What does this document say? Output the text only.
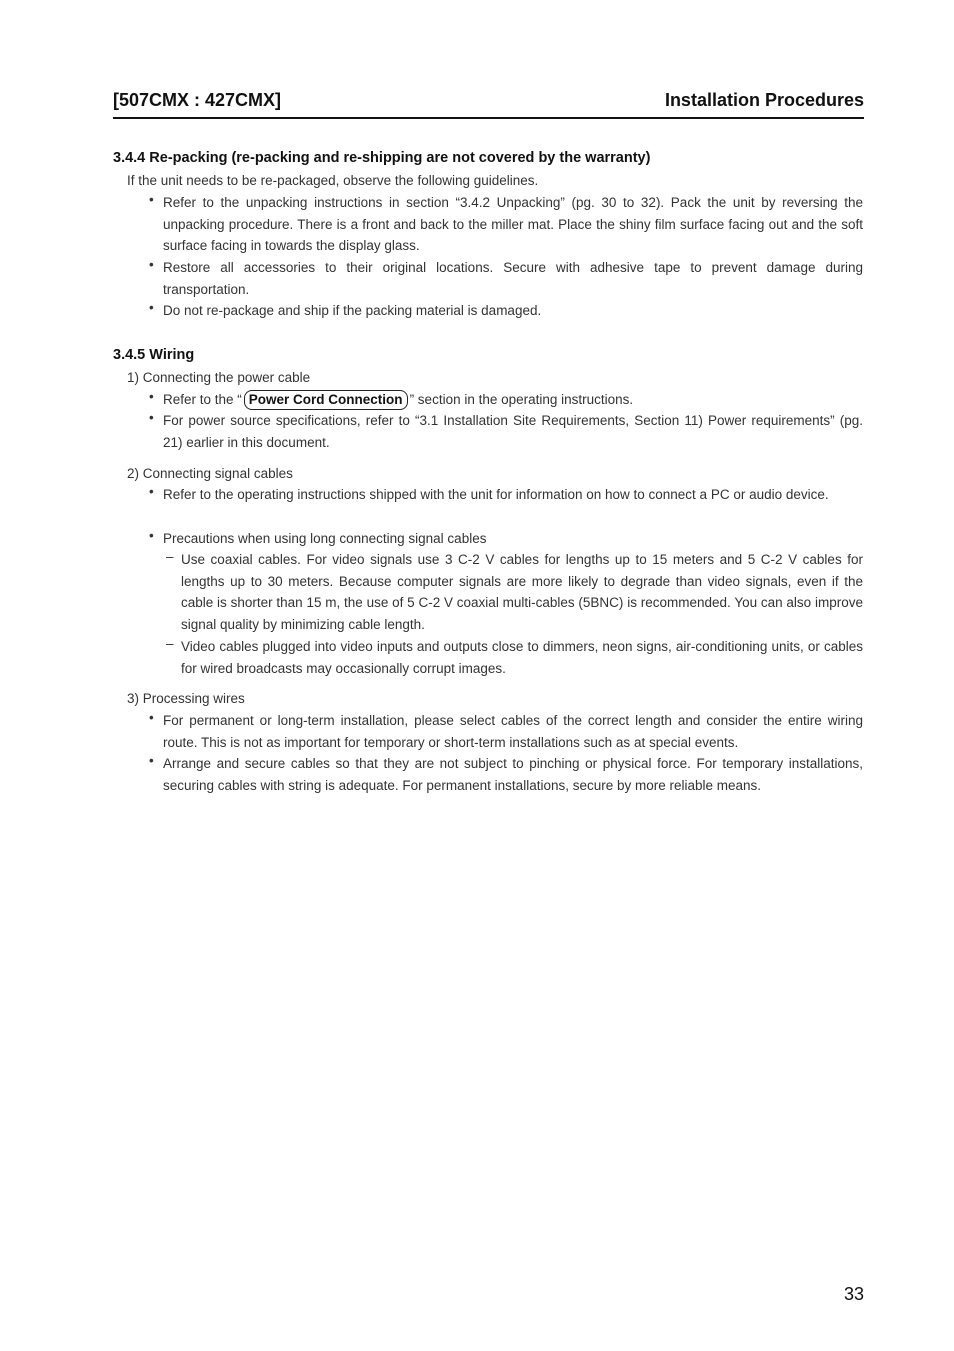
[507CMX : 427CMX]	Installation Procedures
3.4.4 Re-packing (re-packing and re-shipping are not covered by the warranty)
If the unit needs to be re-packaged, observe the following guidelines.
• Refer to the unpacking instructions in section “3.4.2 Unpacking” (pg. 30 to 32). Pack the unit by reversing the unpacking procedure. There is a front and back to the miller mat. Place the shiny film surface facing out and the soft surface facing in towards the display glass.
• Restore all accessories to their original locations. Secure with adhesive tape to prevent damage during transportation.
• Do not re-package and ship if the packing material is damaged.
3.4.5 Wiring
1) Connecting the power cable
• Refer to the “ Power Cord Connection ” section in the operating instructions.
• For power source specifications, refer to “3.1 Installation Site Requirements, Section 11) Power requirements” (pg. 21) earlier in this document.
2) Connecting signal cables
• Refer to the operating instructions shipped with the unit for information on how to connect a PC or audio device.
• Precautions when using long connecting signal cables
– Use coaxial cables. For video signals use 3 C-2 V cables for lengths up to 15 meters and 5 C-2 V cables for lengths up to 30 meters. Because computer signals are more likely to degrade than video signals, even if the cable is shorter than 15 m, the use of 5 C-2 V coaxial multi-cables (5BNC) is recommended. You can also improve signal quality by minimizing cable length.
– Video cables plugged into video inputs and outputs close to dimmers, neon signs, air-conditioning units, or cables for wired broadcasts may occasionally corrupt images.
3) Processing wires
• For permanent or long-term installation, please select cables of the correct length and consider the entire wiring route. This is not as important for temporary or short-term installations such as at special events.
• Arrange and secure cables so that they are not subject to pinching or physical force. For temporary installations, securing cables with string is adequate. For permanent installations, secure by more reliable means.
33
